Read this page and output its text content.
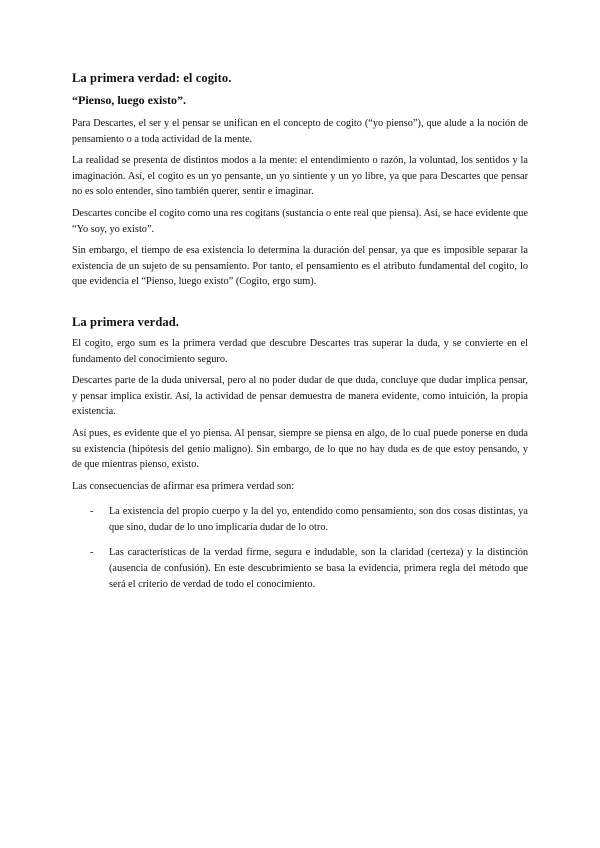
La primera verdad: el cogito.
“Pienso, luego existo”.

Para Descartes, el ser y el pensar se unifican en el concepto de cogito (“yo pienso”), que alude a la noción de pensamiento o a toda actividad de la mente.

La realidad se presenta de distintos modos a la mente: el entendimiento o razón, la voluntad, los sentidos y la imaginación. Así, el cogito es un yo pensante, un yo sintiente y un yo libre, ya que para Descartes que pensar no es solo entender, sino también querer, sentir e imaginar.

Descartes concibe el cogito como una res cogitans (sustancia o ente real que piensa). Así, se hace evidente que “Yo soy, yo existo”.

Sin embargo, el tiempo de esa existencia lo determina la duración del pensar, ya que es imposible separar la existencia de un sujeto de su pensamiento. Por tanto, el pensamiento es el atributo fundamental del cogito, lo que evidencia el “Pienso, luego existo” (Cogito, ergo sum).

La primera verdad.

El cogito, ergo sum es la primera verdad que descubre Descartes tras superar la duda, y se convierte en el fundamento del conocimiento seguro.

Descartes parte de la duda universal, pero al no poder dudar de que duda, concluye que dudar implica pensar, y pensar implica existir. Así, la actividad de pensar demuestra de manera evidente, como intuición, la propia existencia.

Así pues, es evidente que el yo piensa. Al pensar, siempre se piensa en algo, de lo cual puede ponerse en duda su existencia (hipótesis del genio maligno). Sin embargo, de lo que no hay duda es de que estoy pensando, y de que mientras pienso, existo.

Las consecuencias de afirmar esa primera verdad son:

-	La existencia del propio cuerpo y la del yo, entendido como pensamiento, son dos cosas distintas, ya que sino, dudar de lo uno implicaría dudar de lo otro.
-	Las características de la verdad firme, segura e indudable, son la claridad (certeza) y la distinción (ausencia de confusión). En este descubrimiento se basa la evidencia, primera regla del método que será el criterio de verdad de todo el conocimiento.
